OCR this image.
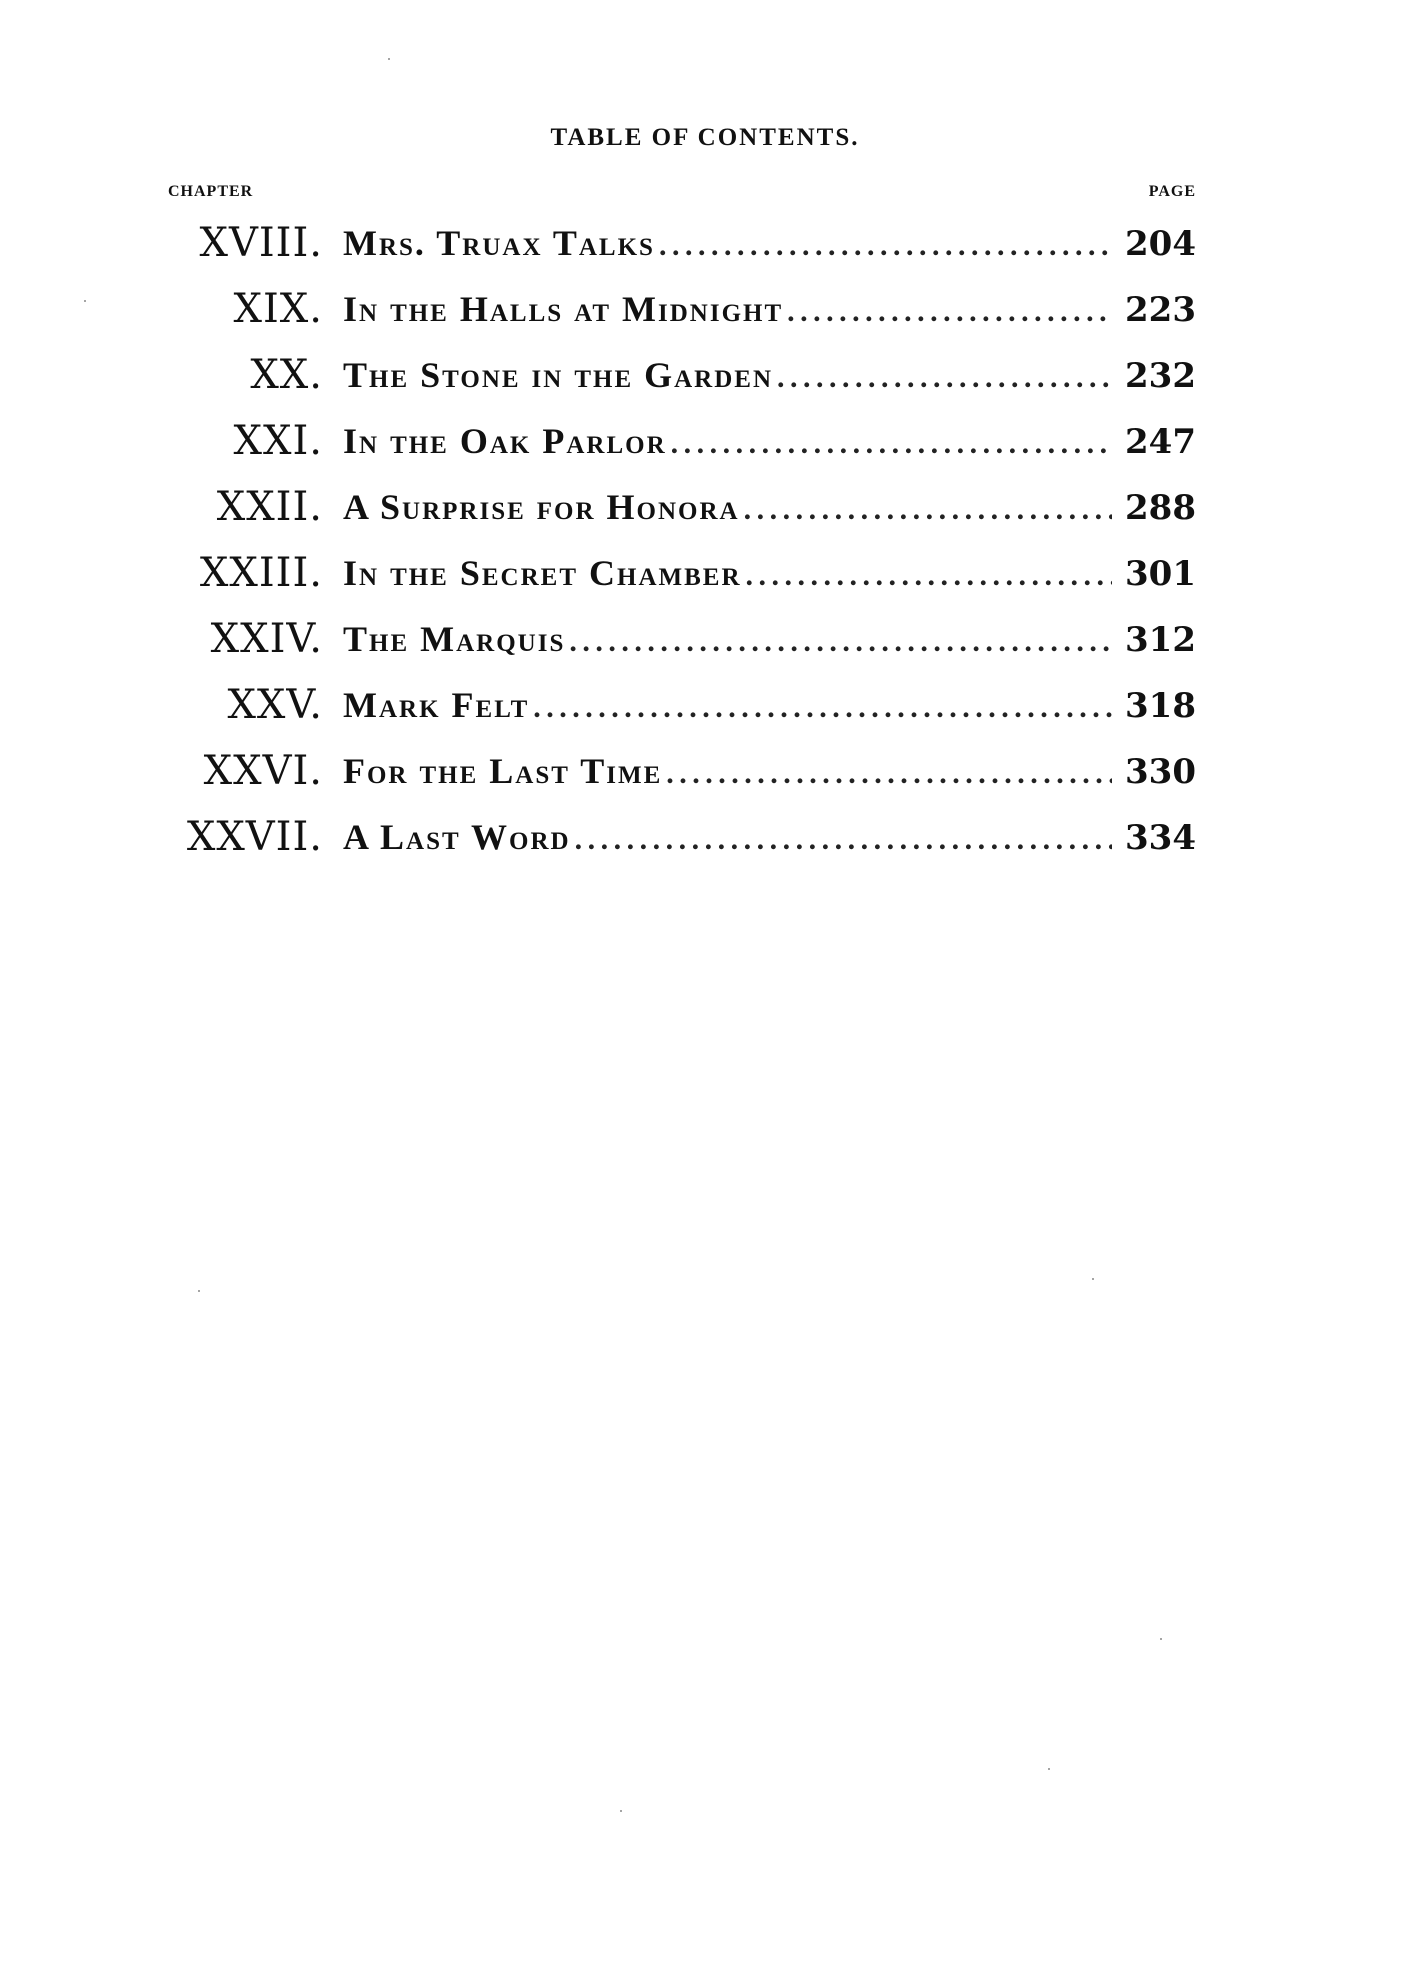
TABLE OF CONTENTS.
CHAPTER	PAGE
XVIII. Mrs. Truax Talks . . .	204
XIX. In the Halls at Midnight . . .	223
XX. The Stone in the Garden . . .	232
XXI. In the Oak Parlor . . .	247
XXII. A Surprise for Honora . . .	288
XXIII. In the Secret Chamber . . .	301
XXIV. The Marquis . . .	312
XXV. Mark Felt . . .	318
XXVI. For the Last Time . . .	330
XXVII. A Last Word . . .	334
